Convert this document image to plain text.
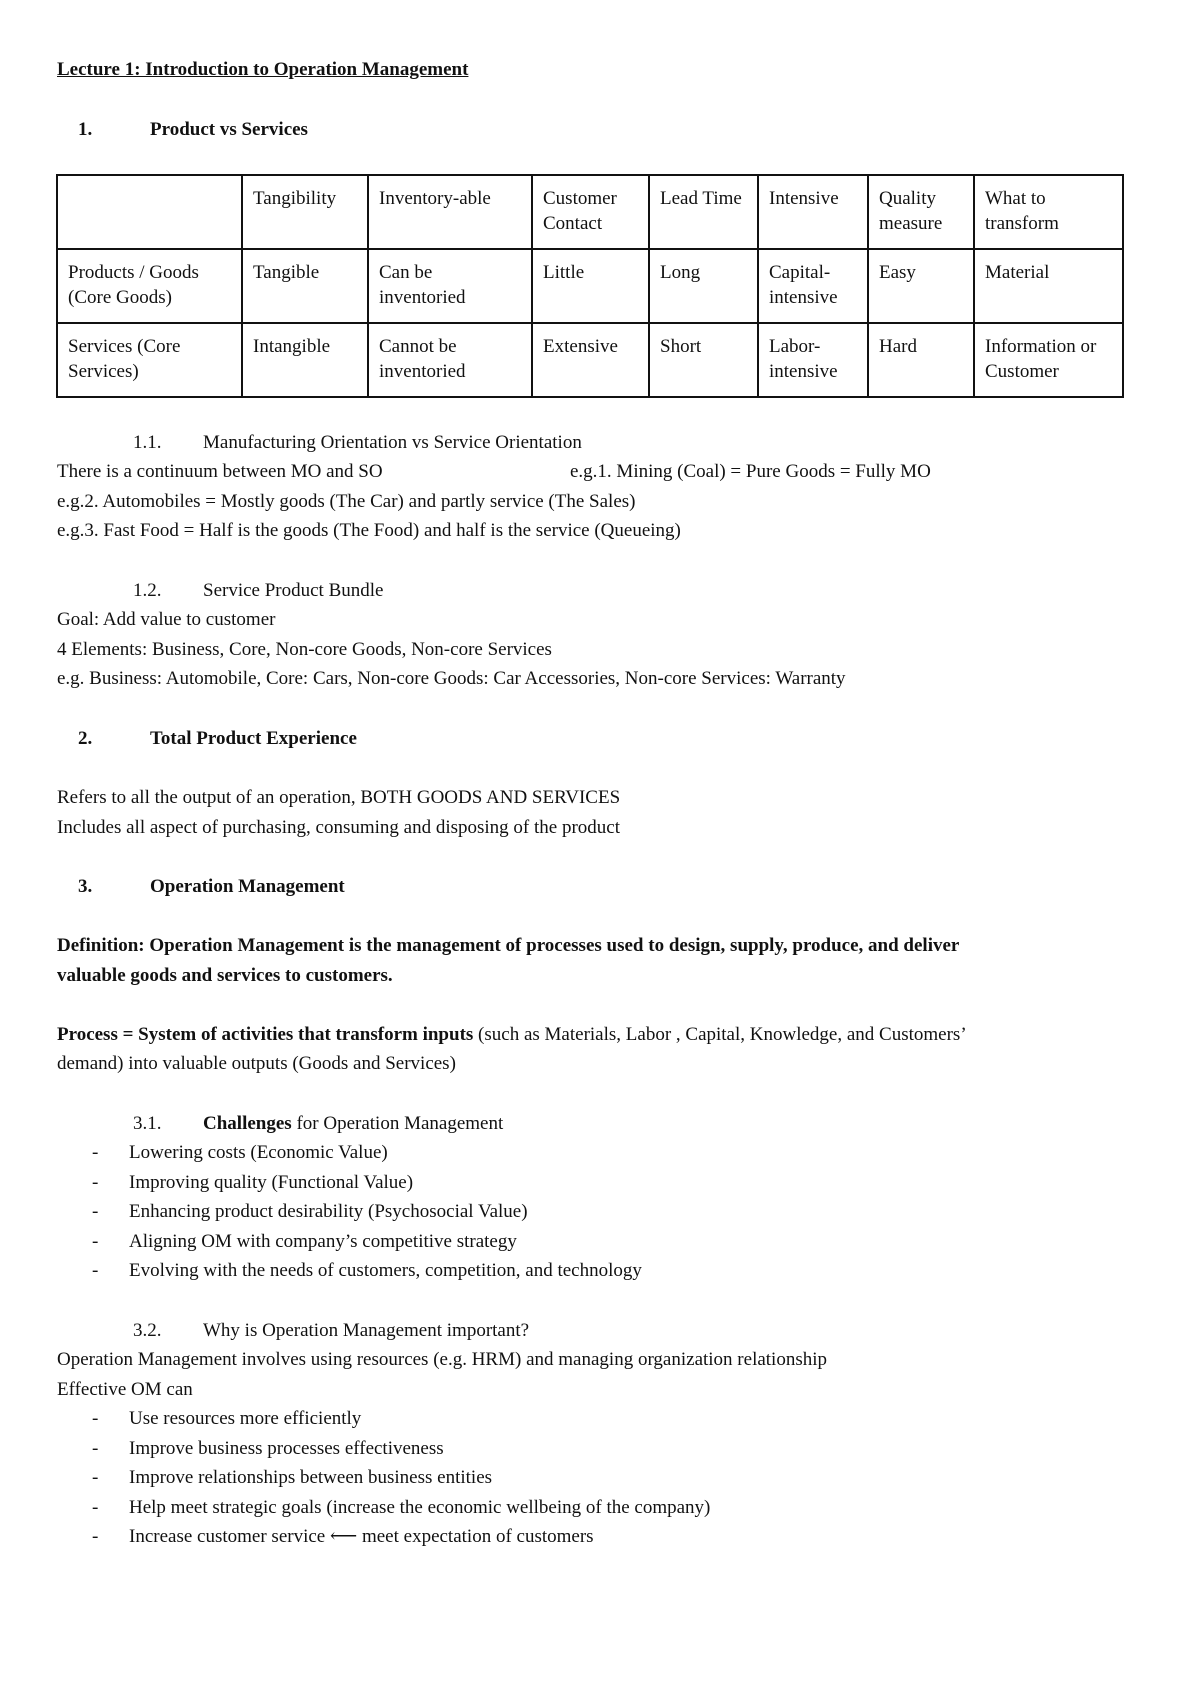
Lecture 1: Introduction to Operation Management
1.	Product vs Services
	Tangibility	Inventory-able	Customer Contact	Lead Time	Intensive	Quality measure	What to transform
Products / Goods (Core Goods)	Tangible	Can be inventoried	Little	Long	Capital-intensive	Easy	Material
Services (Core Services)	Intangible	Cannot be inventoried	Extensive	Short	Labor-intensive	Hard	Information or Customer
1.1. Manufacturing Orientation vs Service Orientation
There is a continuum between MO and SO	e.g.1. Mining (Coal) = Pure Goods = Fully MO
e.g.2. Automobiles = Mostly goods (The Car) and partly service (The Sales)
e.g.3. Fast Food = Half is the goods (The Food) and half is the service (Queueing)
1.2. Service Product Bundle
Goal: Add value to customer
4 Elements: Business, Core, Non-core Goods, Non-core Services
e.g. Business: Automobile, Core: Cars, Non-core Goods: Car Accessories, Non-core Services: Warranty
2.	Total Product Experience
Refers to all the output of an operation, BOTH GOODS AND SERVICES
Includes all aspect of purchasing, consuming and disposing of the product
3.	Operation Management
Definition: Operation Management is the management of processes used to design, supply, produce, and deliver
valuable goods and services to customers.
Process = System of activities that transform inputs (such as Materials, Labor , Capital, Knowledge, and Customers’
demand) into valuable outputs (Goods and Services)
3.1. Challenges for Operation Management
- Lowering costs (Economic Value)
- Improving quality (Functional Value)
- Enhancing product desirability (Psychosocial Value)
- Aligning OM with company’s competitive strategy
- Evolving with the needs of customers, competition, and technology
3.2. Why is Operation Management important?
Operation Management involves using resources (e.g. HRM) and managing organization relationship
Effective OM can
- Use resources more efficiently
- Improve business processes effectiveness
- Improve relationships between business entities
- Help meet strategic goals (increase the economic wellbeing of the company)
- Increase customer service ⟵ meet expectation of customers
